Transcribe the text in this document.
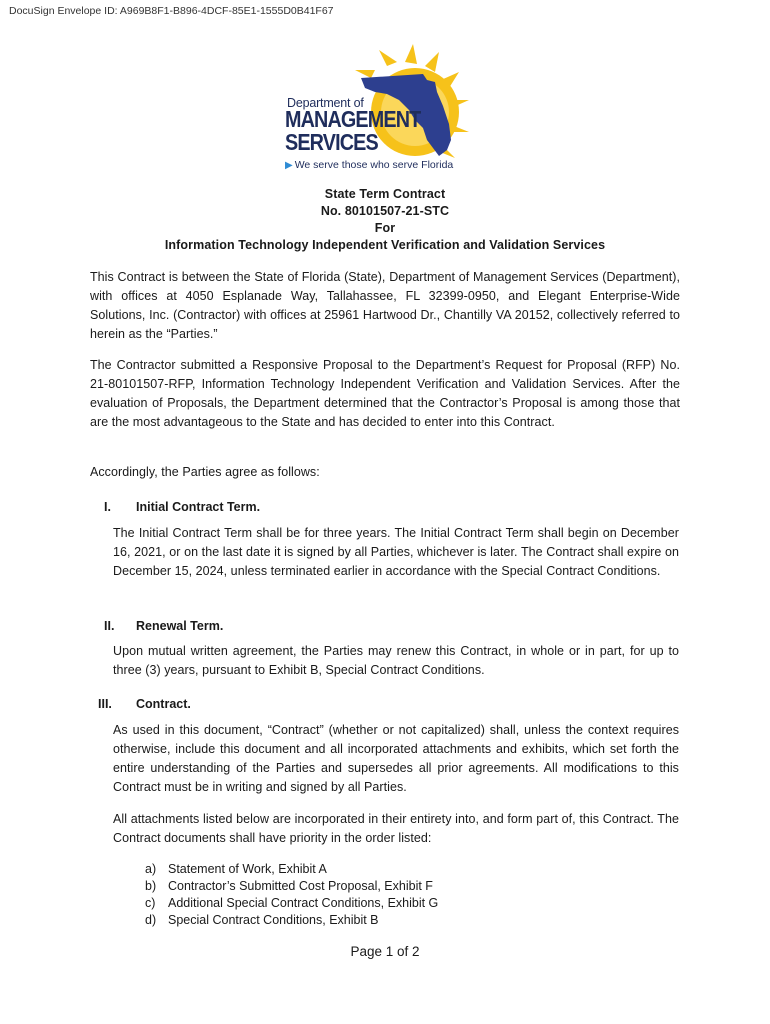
DocuSign Envelope ID: A969B8F1-B896-4DCF-85E1-1555D0B41F67
Department of
MANAGEMENT
SERVICES
▶ We serve those who serve Florida
State Term Contract
No. 80101507-21-STC
For
Information Technology Independent Verification and Validation Services

This Contract is between the State of Florida (State), Department of Management Services (Department), with offices at 4050 Esplanade Way, Tallahassee, FL 32399-0950, and Elegant Enterprise-Wide Solutions, Inc. (Contractor) with offices at 25961 Hartwood Dr., Chantilly VA 20152, collectively referred to herein as the “Parties.”

The Contractor submitted a Responsive Proposal to the Department’s Request for Proposal (RFP) No. 21-80101507-RFP, Information Technology Independent Verification and Validation Services. After the evaluation of Proposals, the Department determined that the Contractor’s Proposal is among those that are the most advantageous to the State and has decided to enter into this Contract.

Accordingly, the Parties agree as follows:

I. Initial Contract Term.

The Initial Contract Term shall be for three years. The Initial Contract Term shall begin on December 16, 2021, or on the last date it is signed by all Parties, whichever is later. The Contract shall expire on December 15, 2024, unless terminated earlier in accordance with the Special Contract Conditions.

II. Renewal Term.

Upon mutual written agreement, the Parties may renew this Contract, in whole or in part, for up to three (3) years, pursuant to Exhibit B, Special Contract Conditions.

III. Contract.

As used in this document, “Contract” (whether or not capitalized) shall, unless the context requires otherwise, include this document and all incorporated attachments and exhibits, which set forth the entire understanding of the Parties and supersedes all prior agreements. All modifications to this Contract must be in writing and signed by all Parties.

All attachments listed below are incorporated in their entirety into, and form part of, this Contract. The Contract documents shall have priority in the order listed:

a) Statement of Work, Exhibit A
b) Contractor’s Submitted Cost Proposal, Exhibit F
c) Additional Special Contract Conditions, Exhibit G
d) Special Contract Conditions, Exhibit B
Page 1 of 2
